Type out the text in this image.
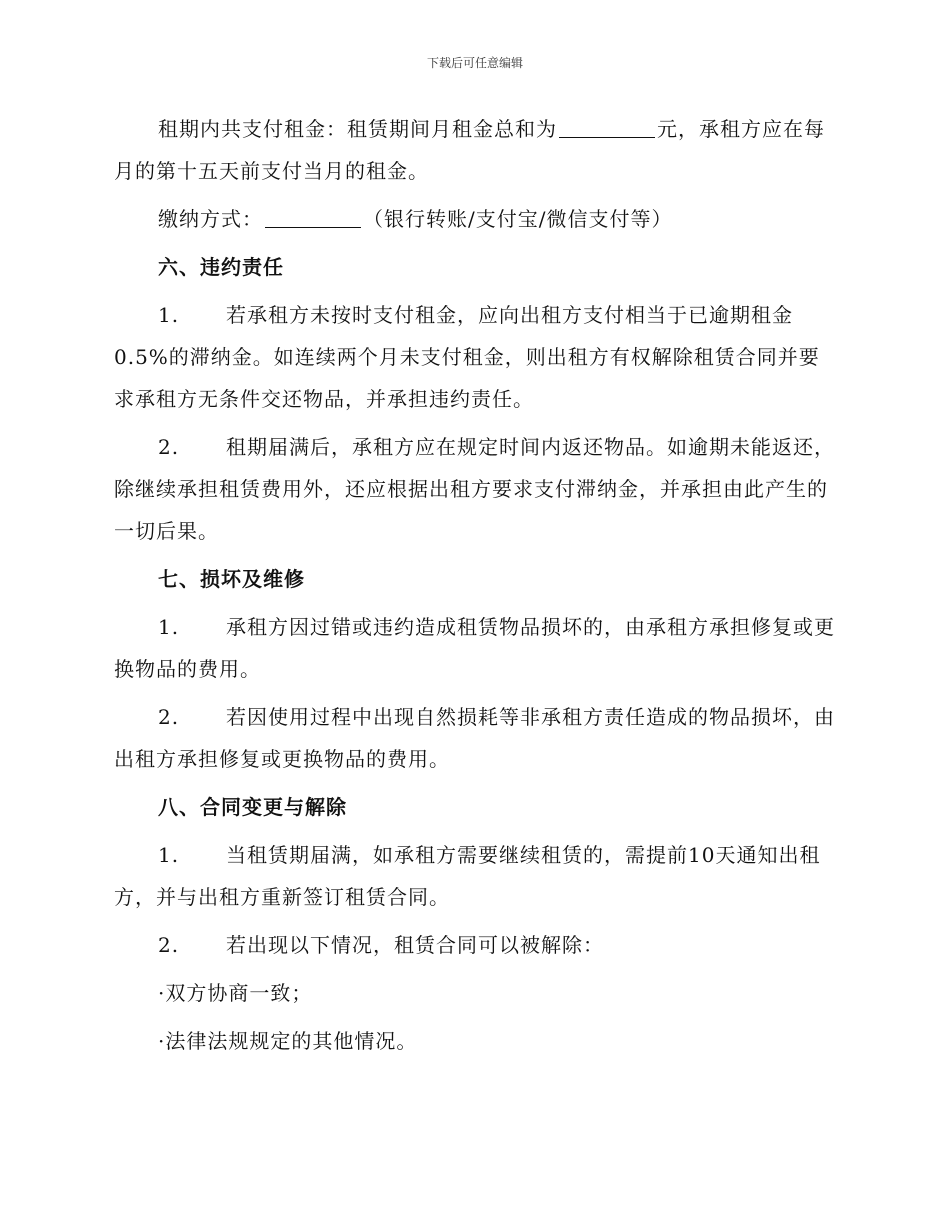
下载后可任意编辑

租期内共支付租金：租赁期间月租金总和为	元，承租方应在每月的第十五天前支付当月的租金。

缴纳方式：	（银行转账/支付宝/微信支付等）

六、违约责任

1. 若承租方未按时支付租金，应向出租方支付相当于已逾期租金0.5%的滞纳金。如连续两个月未支付租金，则出租方有权解除租赁合同并要求承租方无条件交还物品，并承担违约责任。

2. 租期届满后，承租方应在规定时间内返还物品。如逾期未能返还，除继续承担租赁费用外，还应根据出租方要求支付滞纳金，并承担由此产生的一切后果。

七、损坏及维修

1. 承租方因过错或违约造成租赁物品损坏的，由承租方承担修复或更换物品的费用。

2. 若因使用过程中出现自然损耗等非承租方责任造成的物品损坏，由出租方承担修复或更换物品的费用。

八、合同变更与解除

1. 当租赁期届满，如承租方需要继续租赁的，需提前10天通知出租方，并与出租方重新签订租赁合同。

2. 若出现以下情况，租赁合同可以被解除：

·双方协商一致；

·法律法规规定的其他情况。
